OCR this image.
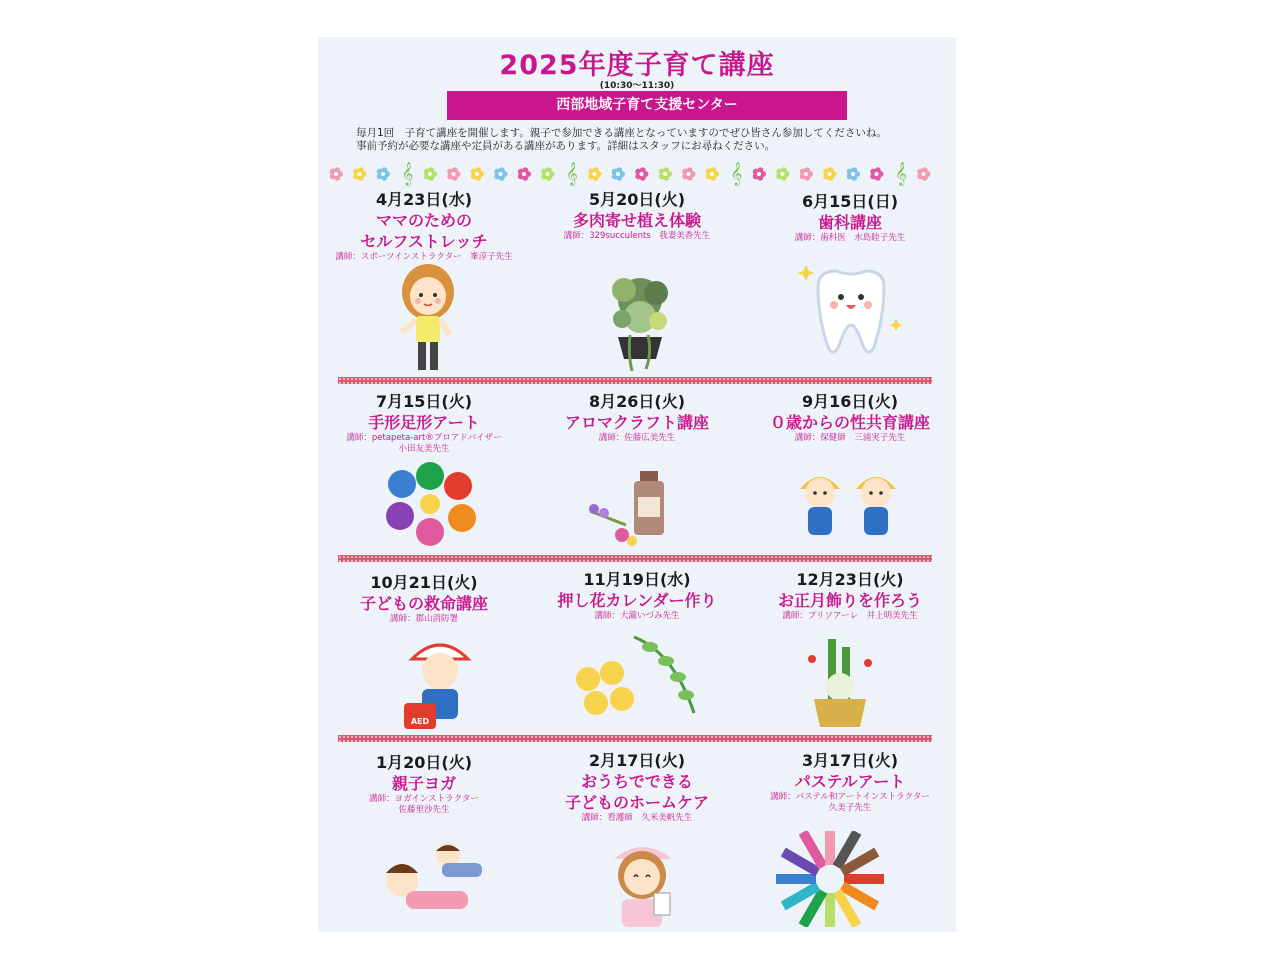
2025年度子育て講座
(10:30～11:30)
西部地域子育て支援センター
毎月1回　子育て講座を開催します。親子で参加できる講座となっていますのでぜひ皆さん参加してくださいね。
事前予約が必要な講座や定員がある講座があります。詳細はスタッフにお尋ねください。
𝄞	𝄞	𝄞	𝄞
4月23日(水)
ママのための
セルフストレッチ
講師：スポーツインストラクター　峯淳子先生
5月20日(火)
多肉寄せ植え体験
講師：329succulents　我妻美香先生
6月15日(日)
歯科講座
講師：歯科医　水島睦子先生
7月15日(火)
手形足形アート
講師：petapeta-art®プロアドバイザー
小田友美先生
8月26日(火)
アロマクラフト講座
講師：佐藤広美先生
9月16日(火)
０歳からの性共育講座
講師：保健師　三浦実子先生
10月21日(火)
子どもの救命講座
講師：郡山消防署
11月19日(水)
押し花カレンダー作り
講師：大瀧いづみ先生
12月23日(火)
お正月飾りを作ろう
講師：プリソアーレ　井上明美先生
1月20日(火)
親子ヨガ
講師：ヨガインストラクター
佐藤里沙先生
2月17日(火)
おうちでできる
子どものホームケア
講師：看護師　久米美帆先生
3月17日(火)
パステルアート
講師：パステル和アートインストラクター
久美子先生
AED
